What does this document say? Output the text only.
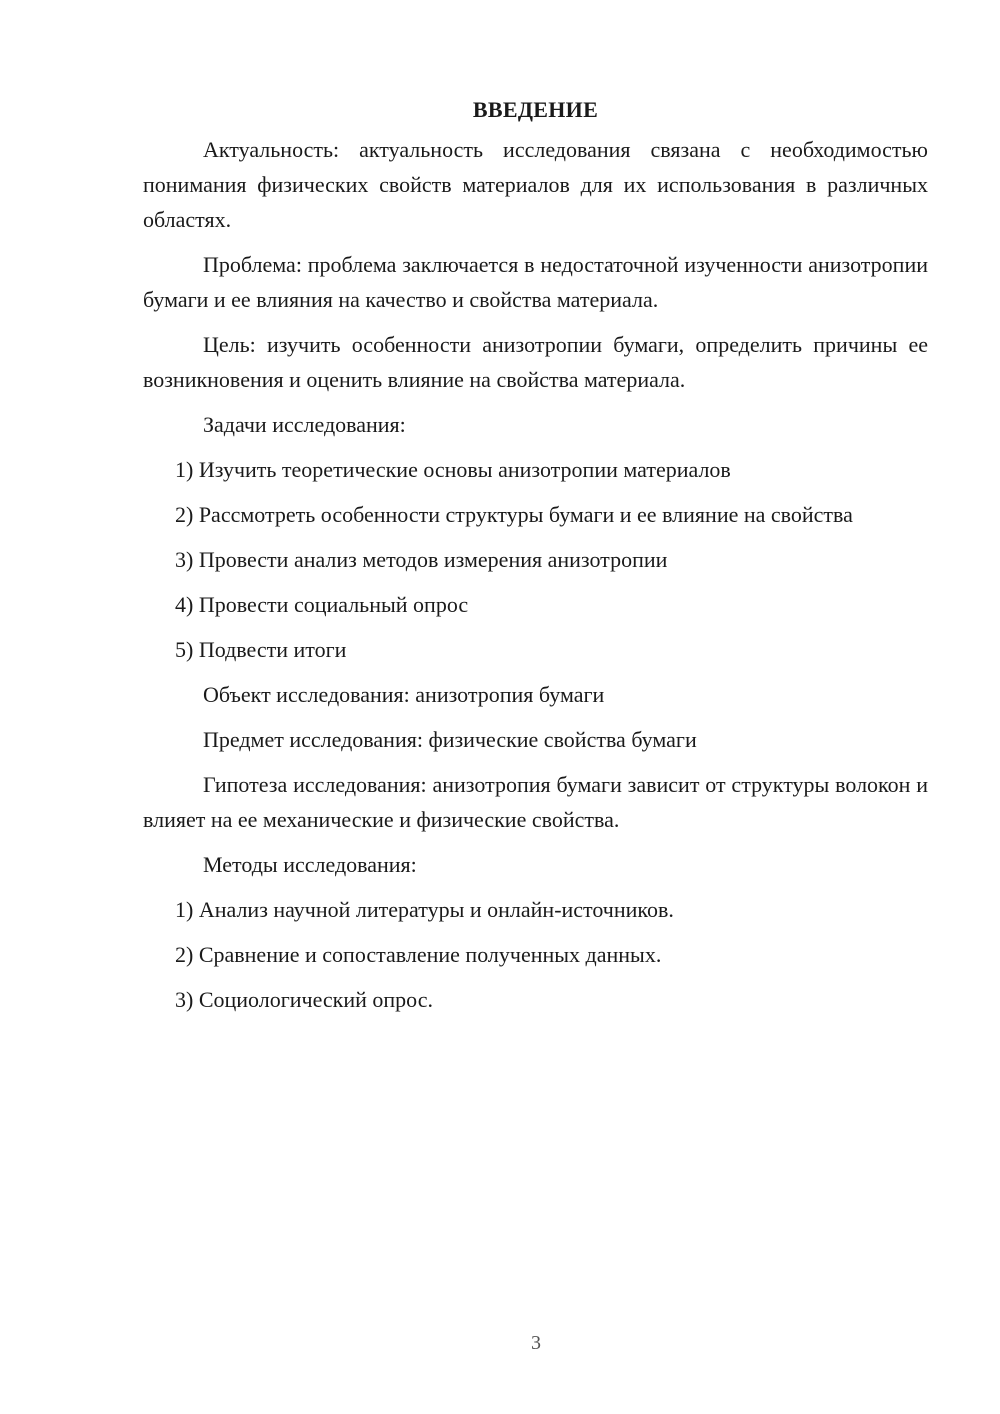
ВВЕДЕНИЕ

Актуальность: актуальность исследования связана с необходимостью понимания физических свойств материалов для их использования в различных областях.

Проблема: проблема заключается в недостаточной изученности анизотропии бумаги и ее влияния на качество и свойства материала.

Цель: изучить особенности анизотропии бумаги, определить причины ее возникновения и оценить влияние на свойства материала.

Задачи исследования:

1) Изучить теоретические основы анизотропии материалов

2) Рассмотреть особенности структуры бумаги и ее влияние на свойства

3) Провести анализ методов измерения анизотропии

4) Провести социальный опрос

5) Подвести итоги

Объект исследования: анизотропия бумаги

Предмет исследования: физические свойства бумаги

Гипотеза исследования: анизотропия бумаги зависит от структуры волокон и влияет на ее механические и физические свойства.

Методы исследования:

1) Анализ научной литературы и онлайн-источников.

2) Сравнение и сопоставление полученных данных.

3) Социологический опрос.

3
